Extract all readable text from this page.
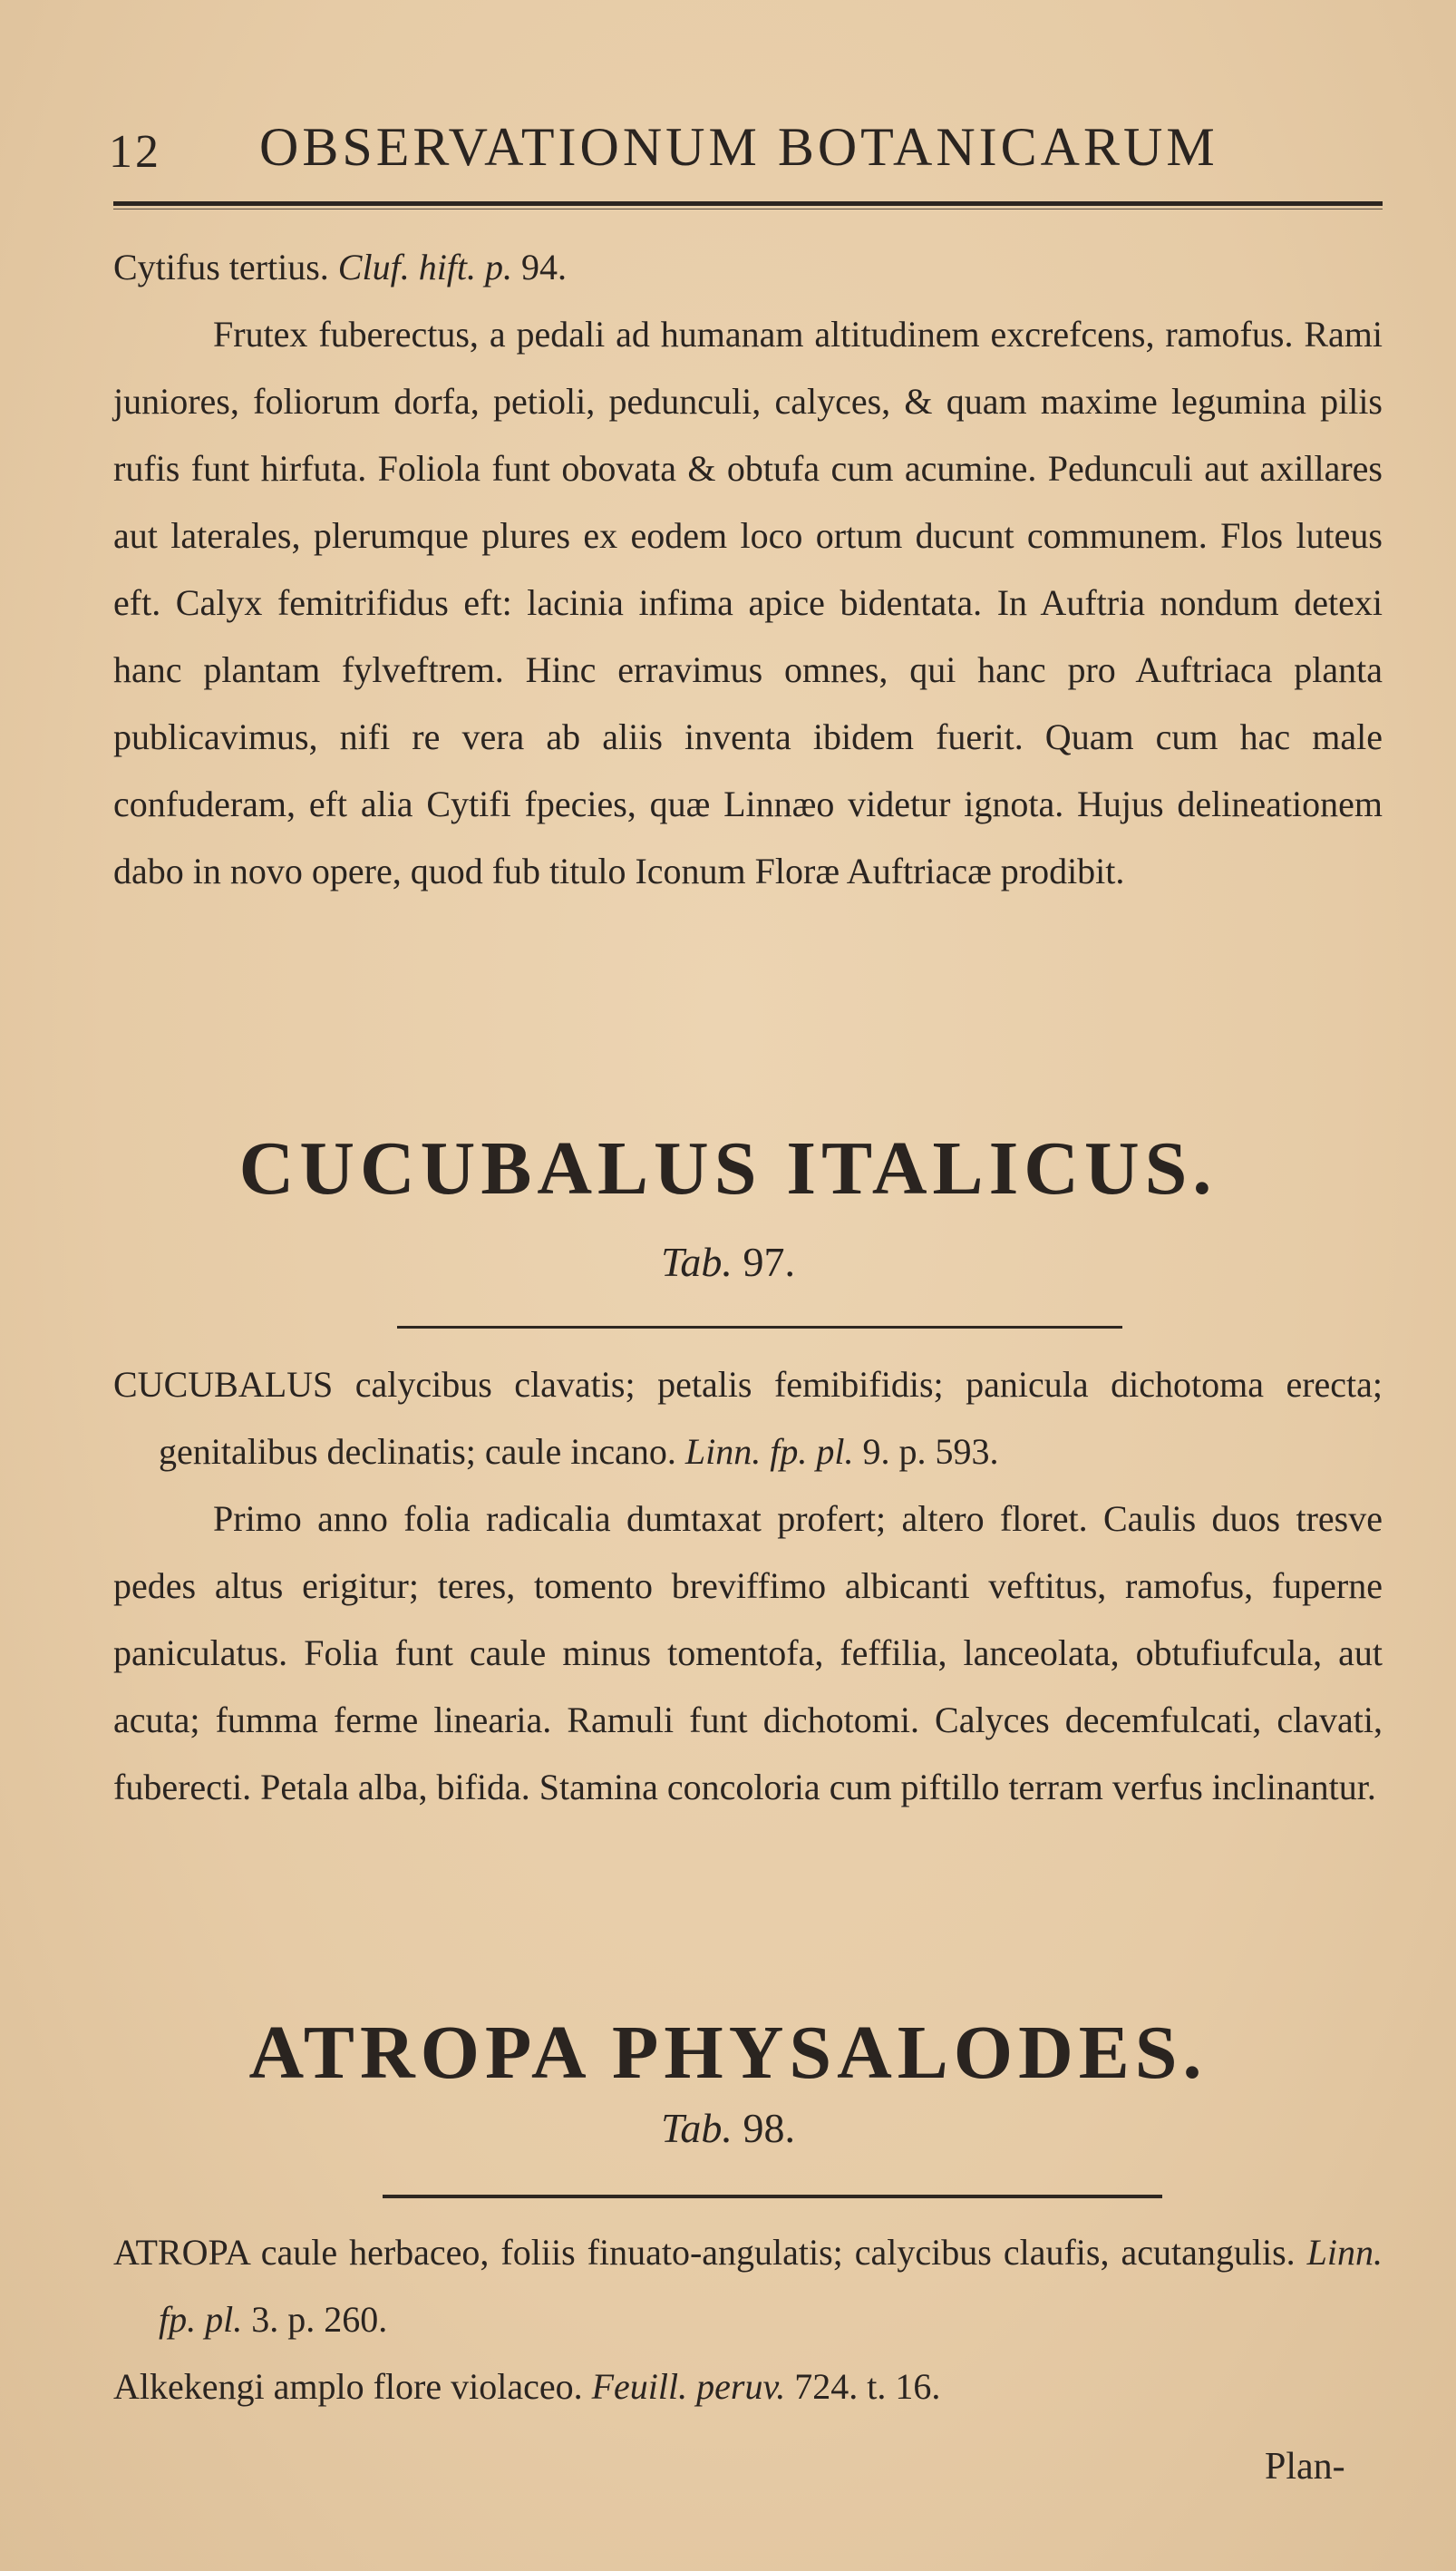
12 OBSERVATIONUM BOTANICARUM

Cytifus tertius. Cluf. hift. p. 94.

Frutex fuberectus, a pedali ad humanam altitudinem excrefcens, ramofus. Rami juniores, foliorum dorfa, petioli, pedunculi, calyces, & quam maxime legumina pilis rufis funt hirfuta. Foliola funt obovata & obtufa cum acumine. Pedunculi aut axillares aut laterales, plerumque plures ex eodem loco ortum ducunt communem. Flos luteus eft. Calyx femitrifidus eft: lacinia infima apice bidentata. In Auftria nondum detexi hanc plantam fylveftrem. Hinc erravimus omnes, qui hanc pro Auftriaca planta publicavimus, nifi re vera ab aliis inventa ibidem fuerit. Quam cum hac male confuderam, eft alia Cytifi fpecies, quæ Linnæo videtur ignota. Hujus delineationem dabo in novo opere, quod fub titulo Iconum Floræ Auftriacæ prodibit.

CUCUBALUS ITALICUS.
Tab. 97.

CUCUBALUS calycibus clavatis; petalis femibifidis; panicula dichotoma erecta; genitalibus declinatis; caule incano. Linn. fp. pl. 9. p. 593.

Primo anno folia radicalia dumtaxat profert; altero floret. Caulis duos tresve pedes altus erigitur; teres, tomento breviffimo albicanti veftitus, ramofus, fuperne paniculatus. Folia funt caule minus tomentofa, feffilia, lanceolata, obtufiufcula, aut acuta; fumma ferme linearia. Ramuli funt dichotomi. Calyces decemfulcati, clavati, fuberecti. Petala alba, bifida. Stamina concoloria cum piftillo terram verfus inclinantur.

ATROPA PHYSALODES.
Tab. 98.

ATROPA caule herbaceo, foliis finuato-angulatis; calycibus claufis, acutangulis. Linn. fp. pl. 3. p. 260.

Alkekengi amplo flore violaceo. Feuill. peruv. 724. t. 16.

Plan-
